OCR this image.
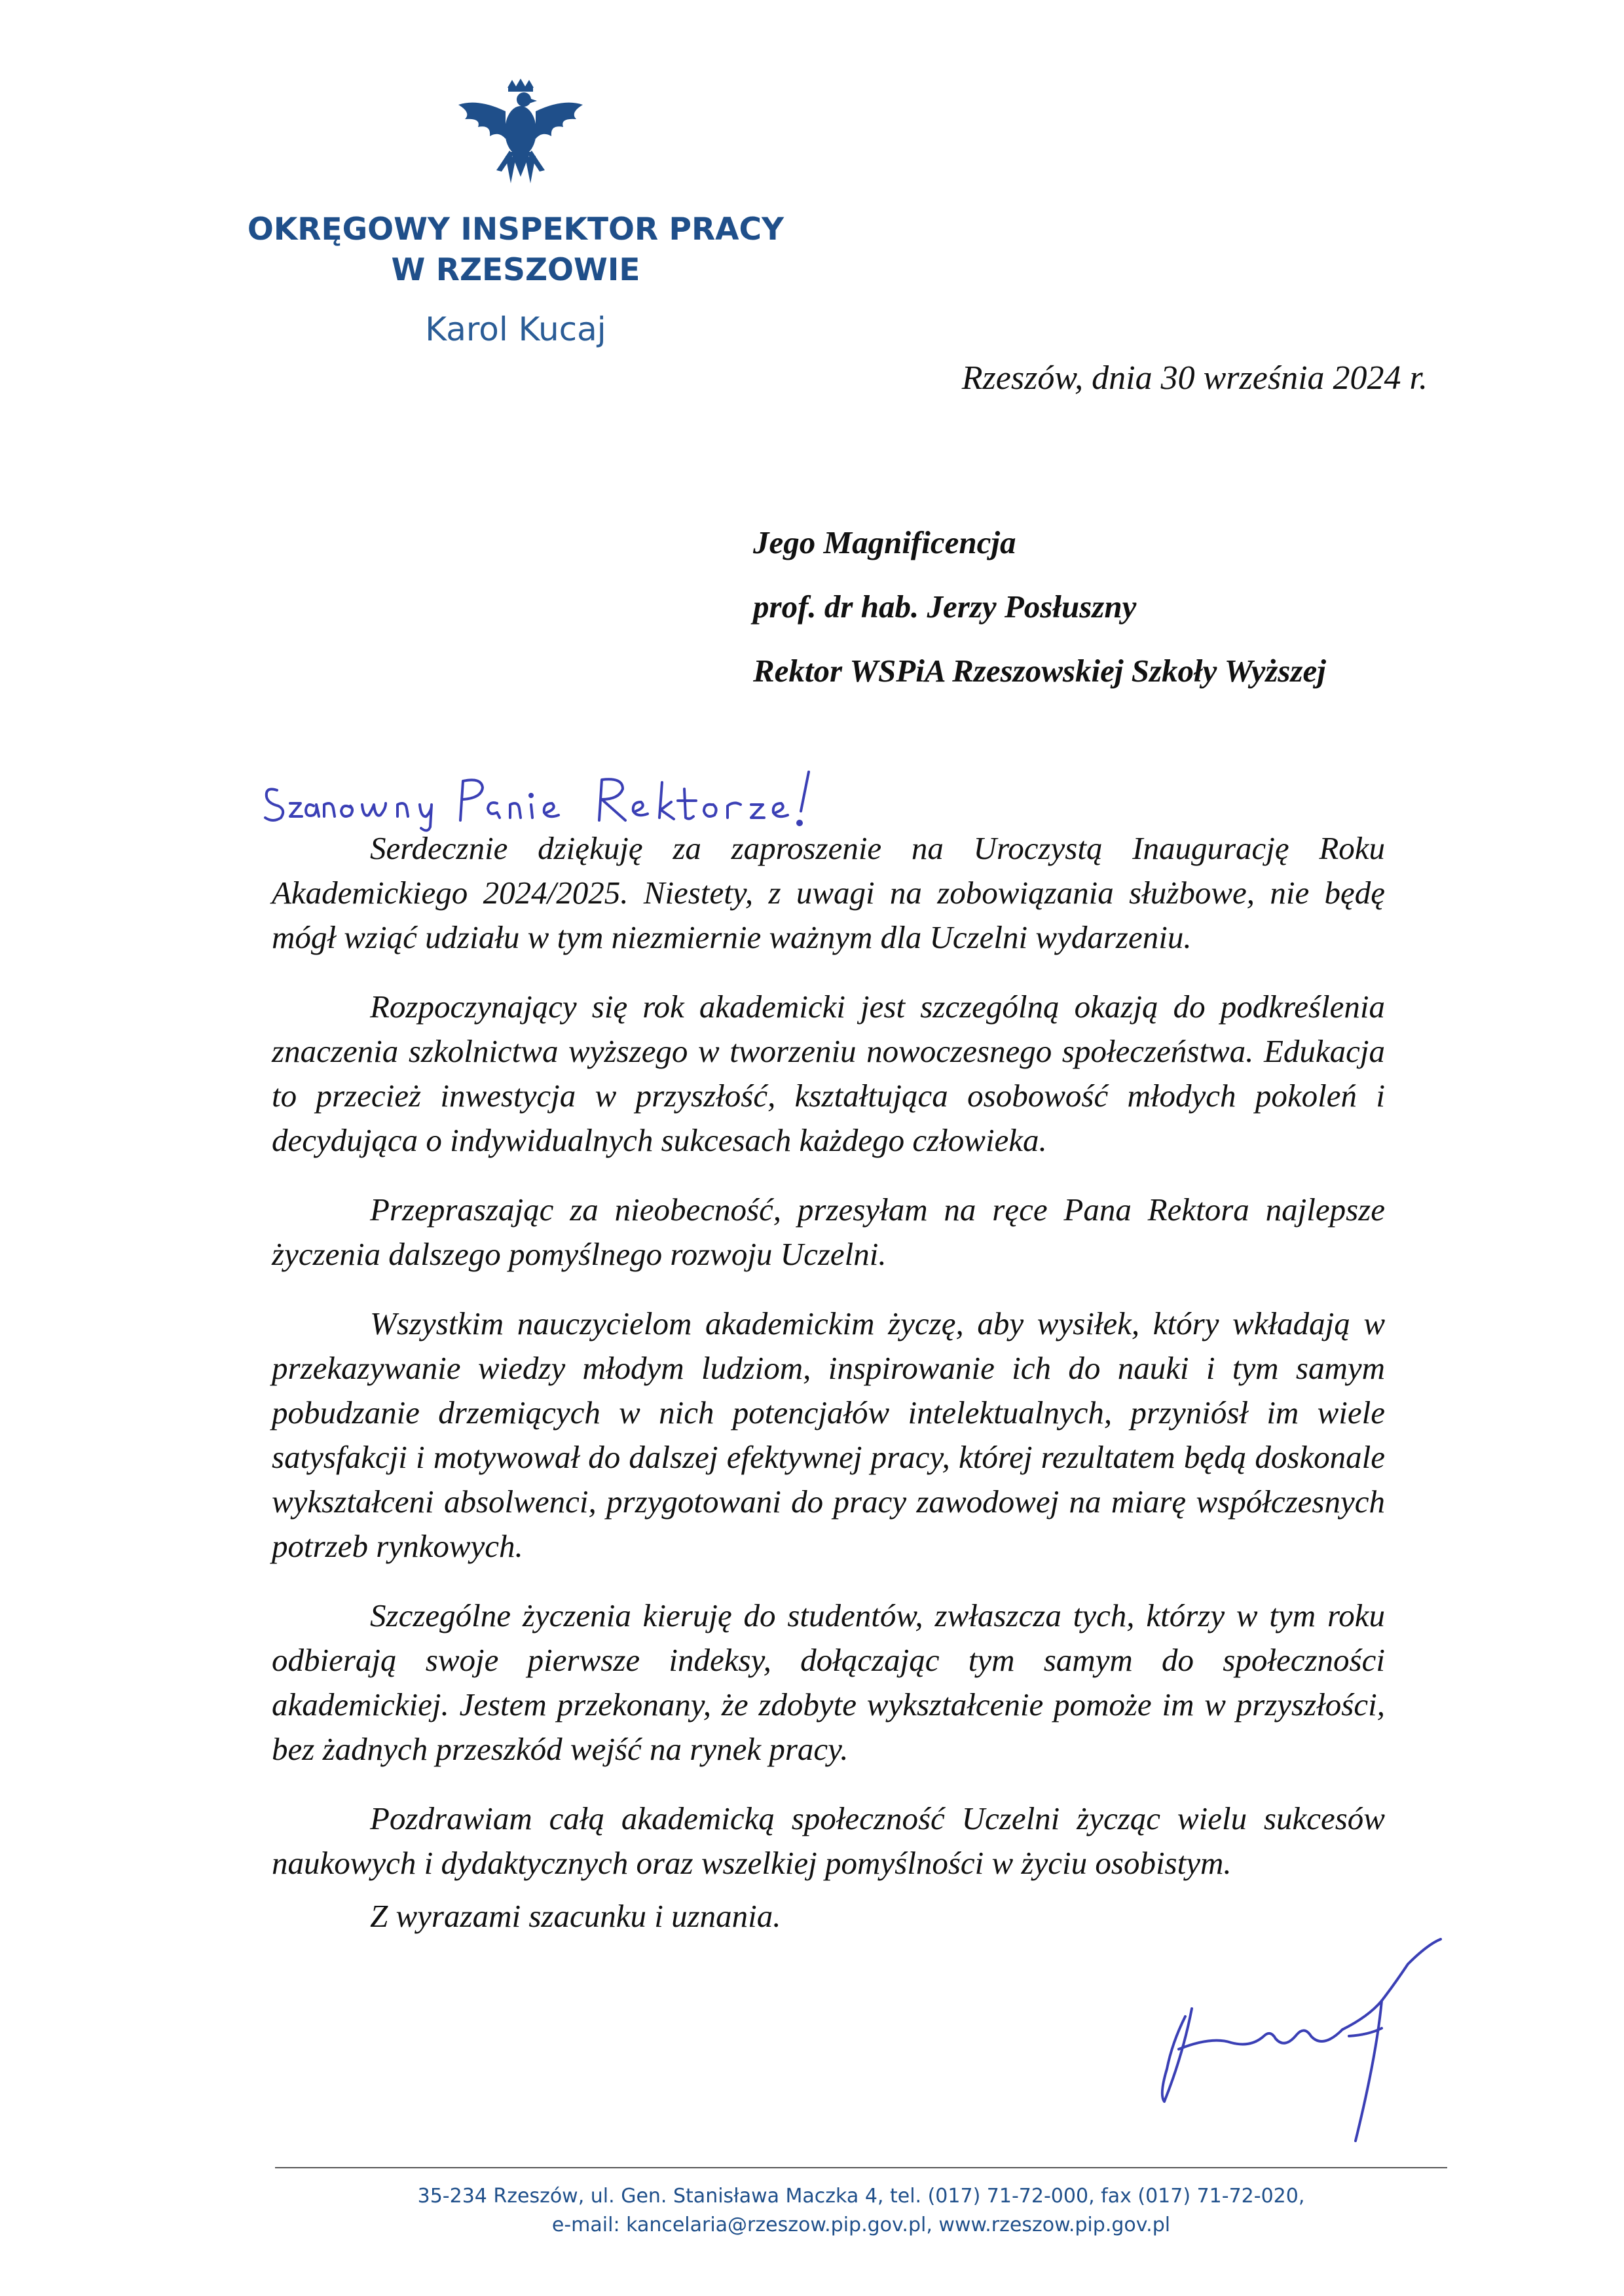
OKRĘGOWY INSPEKTOR PRACY
W RZESZOWIE
Karol Kucaj
Rzeszów, dnia 30 września 2024 r.
Jego Magnificencja
prof. dr hab. Jerzy Posłuszny
Rektor WSPiA Rzeszowskiej Szkoły Wyższej

Serdecznie dziękuję za zaproszenie na Uroczystą Inaugurację Roku Akademickiego 2024/2025. Niestety, z uwagi na zobowiązania służbowe, nie będę mógł wziąć udziału w tym niezmiernie ważnym dla Uczelni wydarzeniu.

Rozpoczynający się rok akademicki jest szczególną okazją do podkreślenia znaczenia szkolnictwa wyższego w tworzeniu nowoczesnego społeczeństwa. Edukacja to przecież inwestycja w przyszłość, kształtująca osobowość młodych pokoleń i decydująca o indywidualnych sukcesach każdego człowieka.

Przepraszając za nieobecność, przesyłam na ręce Pana Rektora najlepsze życzenia dalszego pomyślnego rozwoju Uczelni.

Wszystkim nauczycielom akademickim życzę, aby wysiłek, który wkładają w przekazywanie wiedzy młodym ludziom, inspirowanie ich do nauki i tym samym pobudzanie drzemiących w nich potencjałów intelektualnych, przyniósł im wiele satysfakcji i motywował do dalszej efektywnej pracy, której rezultatem będą doskonale wykształceni absolwenci, przygotowani do pracy zawodowej na miarę współczesnych potrzeb rynkowych.

Szczególne życzenia kieruję do studentów, zwłaszcza tych, którzy w tym roku odbierają swoje pierwsze indeksy, dołączając tym samym do społeczności akademickiej. Jestem przekonany, że zdobyte wykształcenie pomoże im w przyszłości, bez żadnych przeszkód wejść na rynek pracy.

Pozdrawiam całą akademicką społeczność Uczelni życząc wielu sukcesów naukowych i dydaktycznych oraz wszelkiej pomyślności w życiu osobistym.

Z wyrazami szacunku i uznania.
35-234 Rzeszów, ul. Gen. Stanisława Maczka 4, tel. (017) 71-72-000, fax (017) 71-72-020,
e-mail: kancelaria@rzeszow.pip.gov.pl, www.rzeszow.pip.gov.pl
